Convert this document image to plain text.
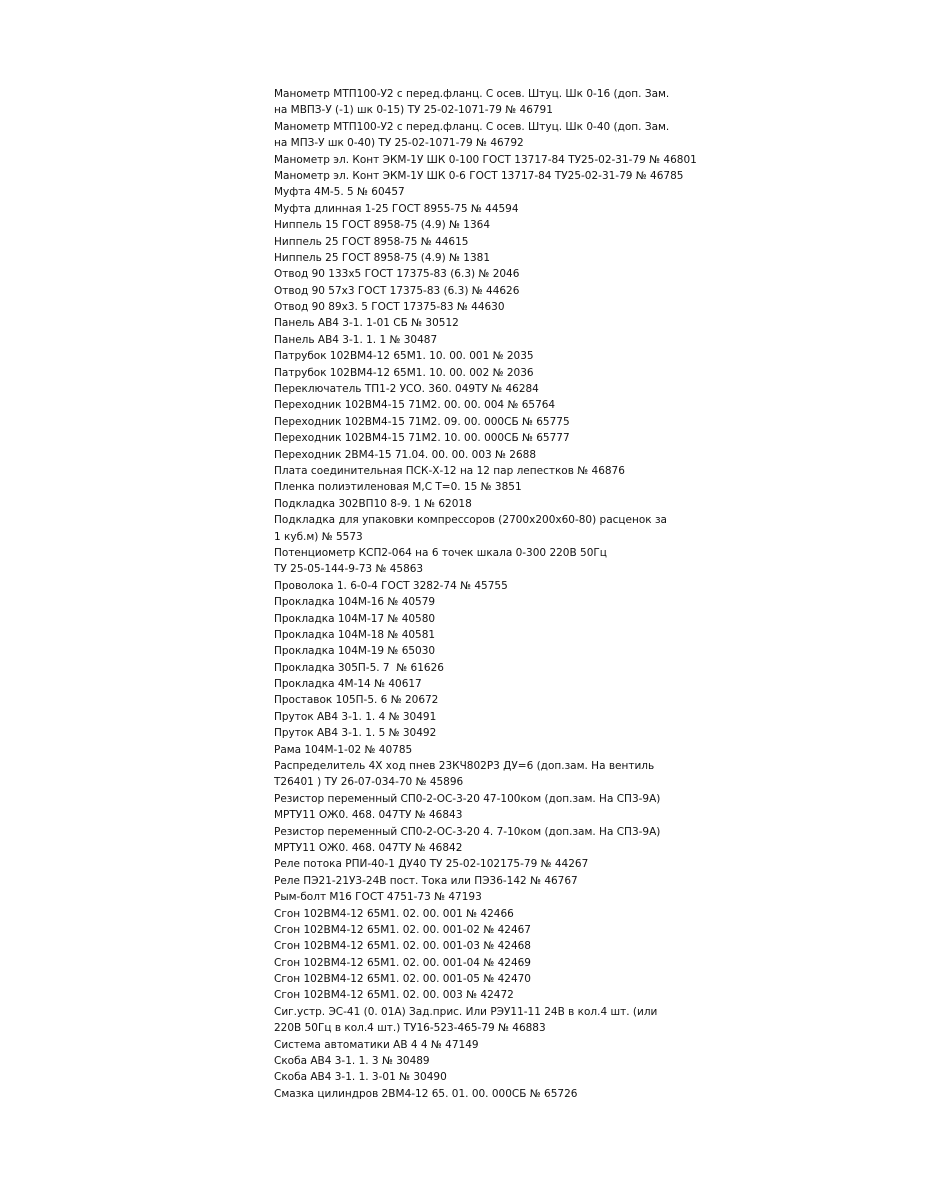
Манометр МТП100-У2 с перед.фланц. С осев. Штуц. Шк 0-16 (доп. Зам.
на МВПЗ-У (-1) шк 0-15) ТУ 25-02-1071-79 № 46791
Манометр МТП100-У2 с перед.фланц. С осев. Штуц. Шк 0-40 (доп. Зам.
на МПЗ-У шк 0-40) ТУ 25-02-1071-79 № 46792
Манометр эл. Конт ЭКМ-1У ШК 0-100 ГОСТ 13717-84 ТУ25-02-31-79 № 46801
Манометр эл. Конт ЭКМ-1У ШК 0-6 ГОСТ 13717-84 ТУ25-02-31-79 № 46785
Муфта 4М-5. 5 № 60457
Муфта длинная 1-25 ГОСТ 8955-75 № 44594
Ниппель 15 ГОСТ 8958-75 (4.9) № 1364
Ниппель 25 ГОСТ 8958-75 № 44615
Ниппель 25 ГОСТ 8958-75 (4.9) № 1381
Отвод 90 133х5 ГОСТ 17375-83 (6.3) № 2046
Отвод 90 57х3 ГОСТ 17375-83 (6.3) № 44626
Отвод 90 89х3. 5 ГОСТ 17375-83 № 44630
Панель АВ4 3-1. 1-01 СБ № 30512
Панель АВ4 3-1. 1. 1 № 30487
Патрубок 102ВМ4-12 65М1. 10. 00. 001 № 2035
Патрубок 102ВМ4-12 65М1. 10. 00. 002 № 2036
Переключатель ТП1-2 УСО. 360. 049ТУ № 46284
Переходник 102ВМ4-15 71М2. 00. 00. 004 № 65764
Переходник 102ВМ4-15 71М2. 09. 00. 000СБ № 65775
Переходник 102ВМ4-15 71М2. 10. 00. 000СБ № 65777
Переходник 2ВМ4-15 71.04. 00. 00. 003 № 2688
Плата соединительная ПСК-Х-12 на 12 пар лепестков № 46876
Пленка полиэтиленовая М,С Т=0. 15 № 3851
Подкладка 302ВП10 8-9. 1 № 62018
Подкладка для упаковки компрессоров (2700х200х60-80) расценок за
1 куб.м) № 5573
Потенциометр КСП2-064 на 6 точек шкала 0-300 220В 50Гц
ТУ 25-05-144-9-73 № 45863
Проволока 1. 6-0-4 ГОСТ 3282-74 № 45755
Прокладка 104М-16 № 40579
Прокладка 104М-17 № 40580
Прокладка 104М-18 № 40581
Прокладка 104М-19 № 65030
Прокладка 305П-5. 7  № 61626
Прокладка 4М-14 № 40617
Проставок 105П-5. 6 № 20672
Пруток АВ4 3-1. 1. 4 № 30491
Пруток АВ4 3-1. 1. 5 № 30492
Рама 104М-1-02 № 40785
Распределитель 4Х ход пнев 23КЧ802Р3 ДУ=6 (доп.зам. На вентиль
Т26401 ) ТУ 26-07-034-70 № 45896
Резистор переменный СП0-2-ОС-3-20 47-100ком (доп.зам. На СП3-9А)
МРТУ11 ОЖ0. 468. 047ТУ № 46843
Резистор переменный СП0-2-ОС-3-20 4. 7-10ком (доп.зам. На СП3-9А)
МРТУ11 ОЖ0. 468. 047ТУ № 46842
Реле потока РПИ-40-1 ДУ40 ТУ 25-02-102175-79 № 44267
Реле ПЭ21-21У3-24В пост. Тока или ПЭ36-142 № 46767
Рым-болт М16 ГОСТ 4751-73 № 47193
Сгон 102ВМ4-12 65М1. 02. 00. 001 № 42466
Сгон 102ВМ4-12 65М1. 02. 00. 001-02 № 42467
Сгон 102ВМ4-12 65М1. 02. 00. 001-03 № 42468
Сгон 102ВМ4-12 65М1. 02. 00. 001-04 № 42469
Сгон 102ВМ4-12 65М1. 02. 00. 001-05 № 42470
Сгон 102ВМ4-12 65М1. 02. 00. 003 № 42472
Сиг.устр. ЭС-41 (0. 01А) Зад.прис. Или РЭУ11-11 24В в кол.4 шт. (или
220В 50Гц в кол.4 шт.) ТУ16-523-465-79 № 46883
Система автоматики АВ 4 4 № 47149
Скоба АВ4 3-1. 1. 3 № 30489
Скоба АВ4 3-1. 1. 3-01 № 30490
Смазка цилиндров 2ВМ4-12 65. 01. 00. 000СБ № 65726
